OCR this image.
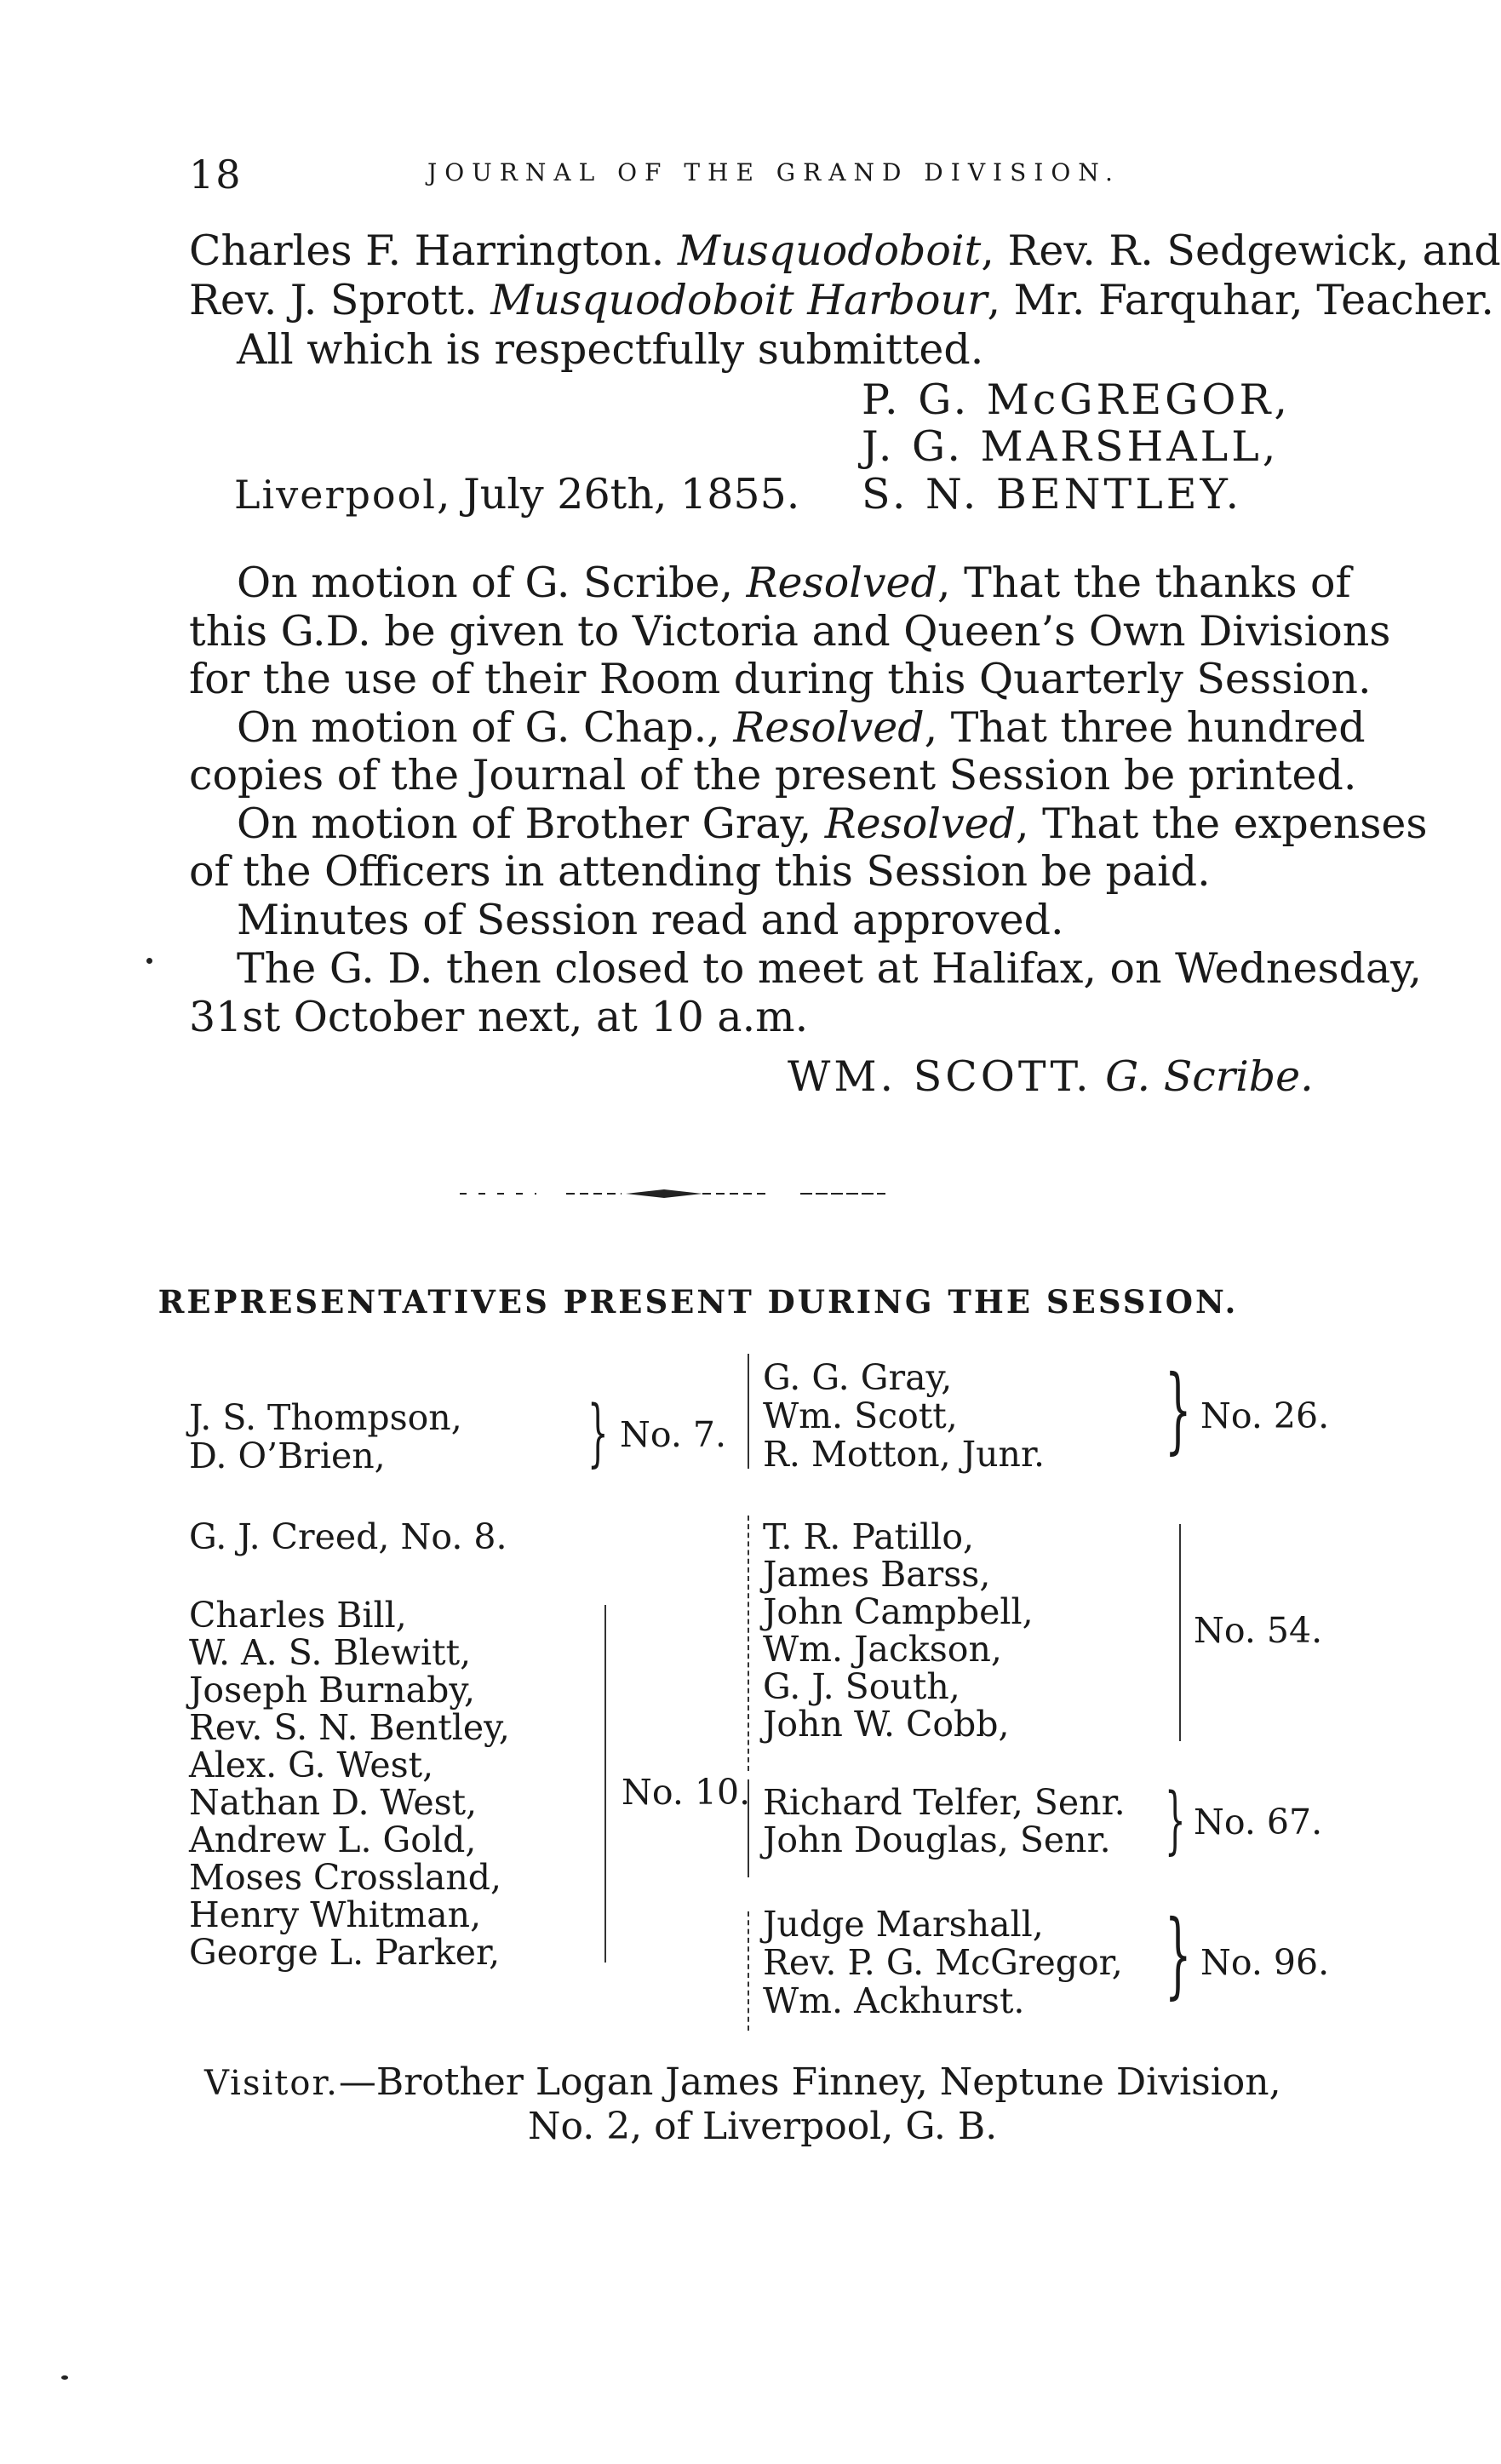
18	JOURNAL OF THE GRAND DIVISION.
Charles F. Harrington. Musquodoboit, Rev. R. Sedgewick, and
Rev. J. Sprott. Musquodoboit Harbour, Mr. Farquhar, Teacher.
All which is respectfully submitted.
P. G. McGREGOR,
J. G. MARSHALL,
S. N. BENTLEY.
Liverpool, July 26th, 1855.
On motion of G. Scribe, Resolved, That the thanks of
this G.D. be given to Victoria and Queen’s Own Divisions
for the use of their Room during this Quarterly Session.
On motion of G. Chap., Resolved, That three hundred
copies of the Journal of the present Session be printed.
On motion of Brother Gray, Resolved, That the expenses
of the Officers in attending this Session be paid.
Minutes of Session read and approved.
The G. D. then closed to meet at Halifax, on Wednesday,
31st October next, at 10 a.m.
WM. SCOTT. G. Scribe.
REPRESENTATIVES PRESENT DURING THE SESSION.
J. S. Thompson,
D. O’Brien,	} No. 7.
G. J. Creed, No. 8.
Charles Bill,
W. A. S. Blewitt,
Joseph Burnaby,
Rev. S. N. Bentley,
Alex. G. West,
Nathan D. West,
Andrew L. Gold,
Moses Crossland,
Henry Whitman,
George L. Parker,
No. 10.
G. G. Gray,
Wm. Scott,
R. Motton, Junr. } No. 26.
T. R. Patillo,
James Barss,
John Campbell,
Wm. Jackson,
G. J. South,
John W. Cobb,
No. 54.
Richard Telfer, Senr.
John Douglas, Senr. } No. 67.
Judge Marshall,
Rev. P. G. McGregor,
Wm. Ackhurst. } No. 96.
Visitor.—Brother Logan James Finney, Neptune Division,
No. 2, of Liverpool, G. B.
